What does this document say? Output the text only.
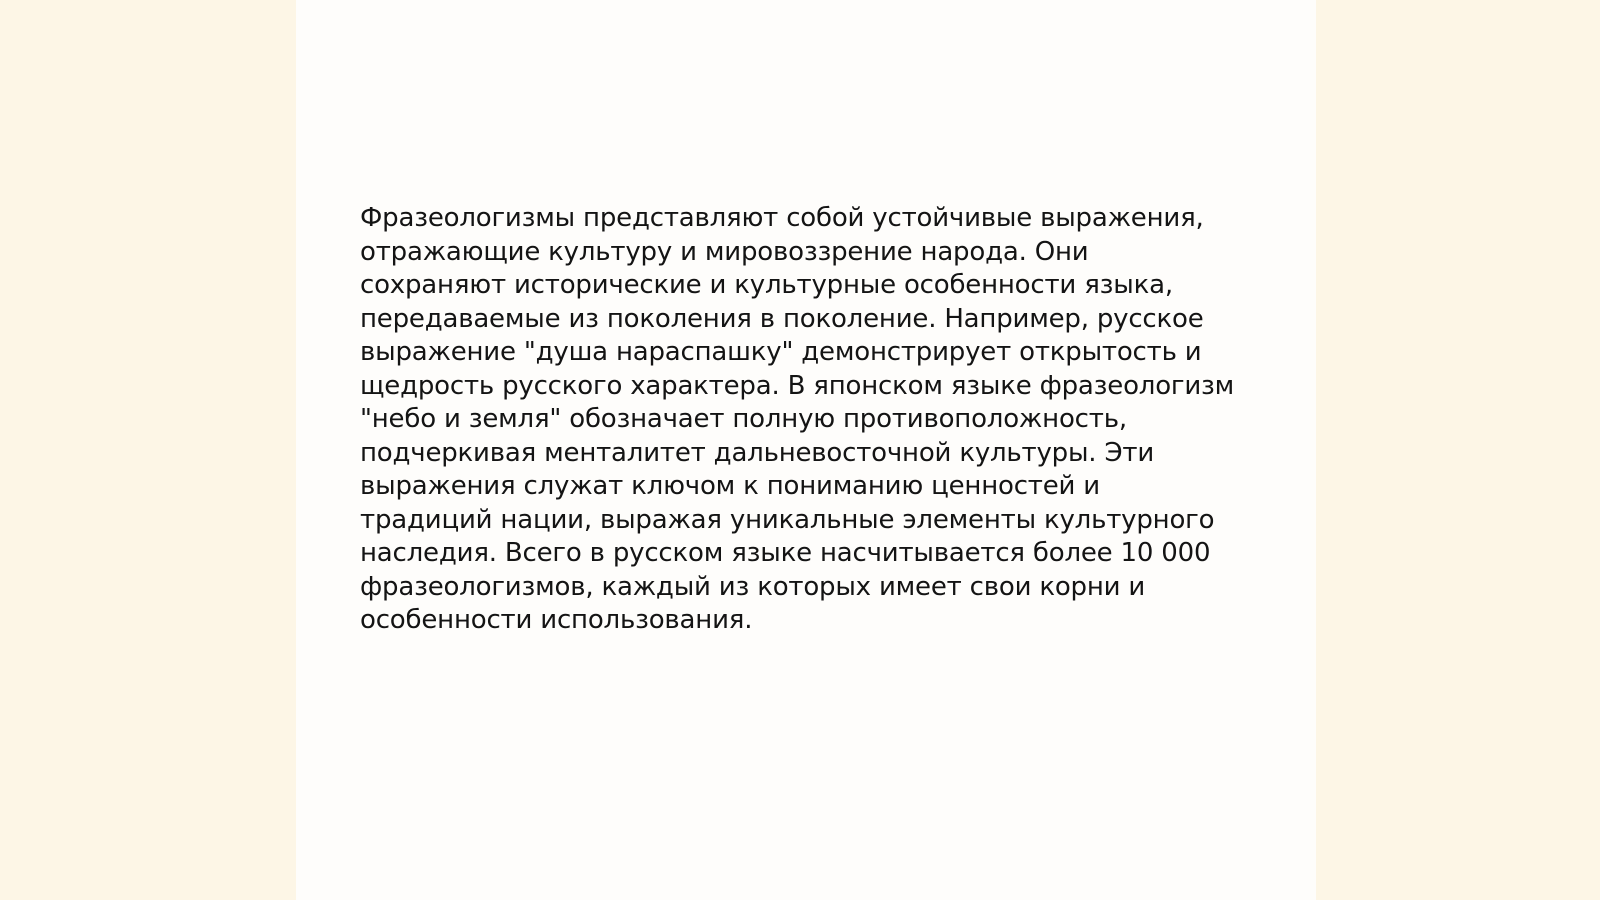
Фразеологизмы представляют собой устойчивые выражения,
отражающие культуру и мировоззрение народа. Они
сохраняют исторические и культурные особенности языка,
передаваемые из поколения в поколение. Например, русское
выражение "душа нараспашку" демонстрирует открытость и
щедрость русского характера. В японском языке фразеологизм
"небо и земля" обозначает полную противоположность,
подчеркивая менталитет дальневосточной культуры. Эти
выражения служат ключом к пониманию ценностей и
традиций нации, выражая уникальные элементы культурного
наследия. Всего в русском языке насчитывается более 10 000
фразеологизмов, каждый из которых имеет свои корни и
особенности использования.
